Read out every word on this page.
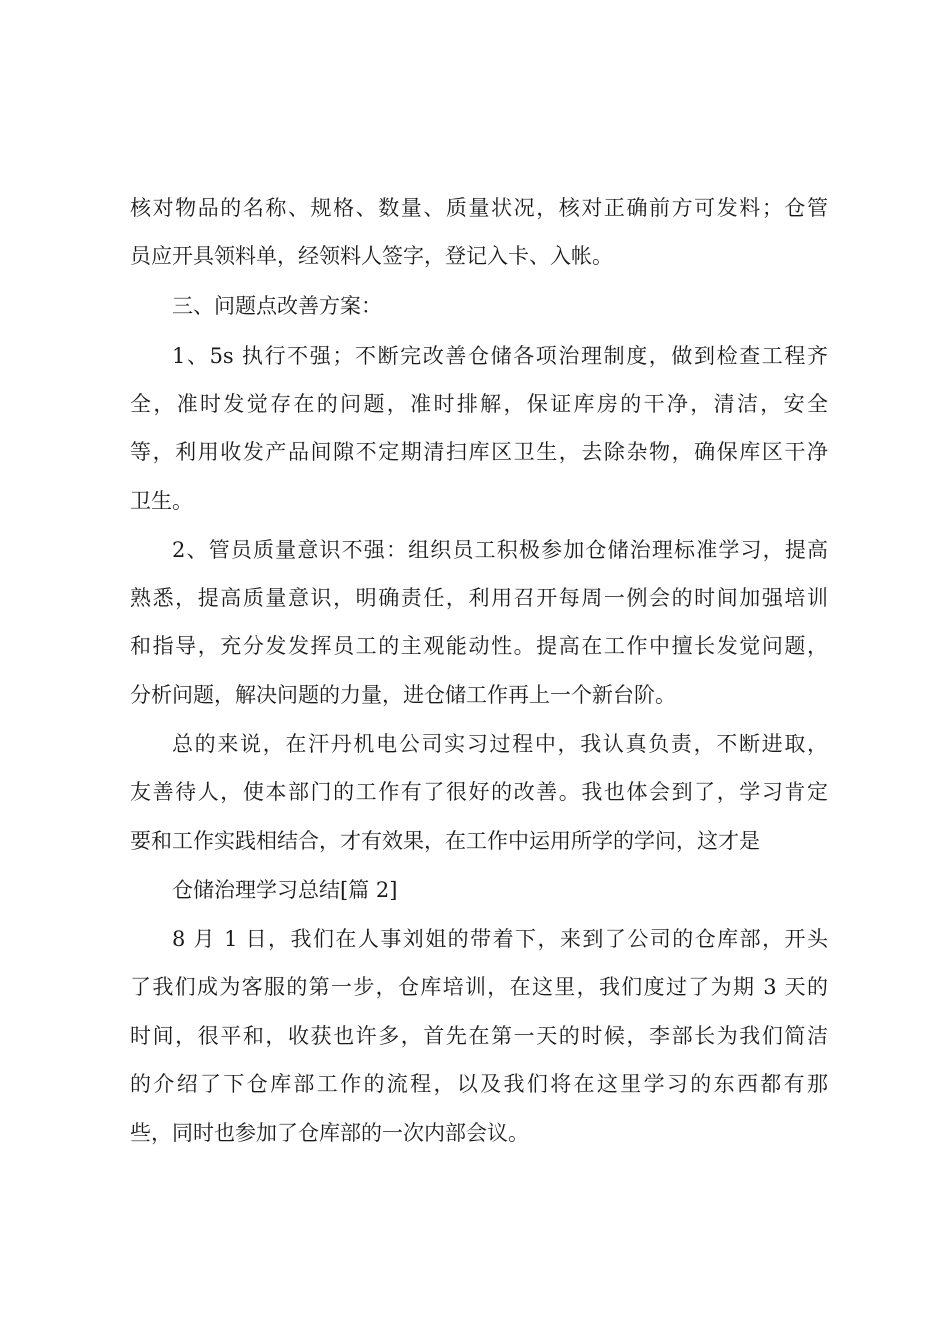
核对物品的名称、规格、数量、质量状况，核对正确前方可发料；仓管
员应开具领料单，经领料人签字，登记入卡、入帐。
三、问题点改善方案：
1、5s 执行不强；不断完改善仓储各项治理制度，做到检查工程齐
全，准时发觉存在的问题，准时排解，保证库房的干净，清洁，安全
等，利用收发产品间隙不定期清扫库区卫生，去除杂物，确保库区干净
卫生。
2、管员质量意识不强：组织员工积极参加仓储治理标准学习，提高
熟悉，提高质量意识，明确责任，利用召开每周一例会的时间加强培训
和指导，充分发发挥员工的主观能动性。提高在工作中擅长发觉问题，
分析问题，解决问题的力量，进仓储工作再上一个新台阶。
总的来说，在汗丹机电公司实习过程中，我认真负责，不断进取，
友善待人，使本部门的工作有了很好的改善。我也体会到了，学习肯定
要和工作实践相结合，才有效果，在工作中运用所学的学问，这才是
仓储治理学习总结[篇 2]
8 月 1 日，我们在人事刘姐的带着下，来到了公司的仓库部，开头
了我们成为客服的第一步，仓库培训，在这里，我们度过了为期 3 天的
时间，很平和，收获也许多，首先在第一天的时候，李部长为我们简洁
的介绍了下仓库部工作的流程，以及我们将在这里学习的东西都有那
些，同时也参加了仓库部的一次内部会议。
